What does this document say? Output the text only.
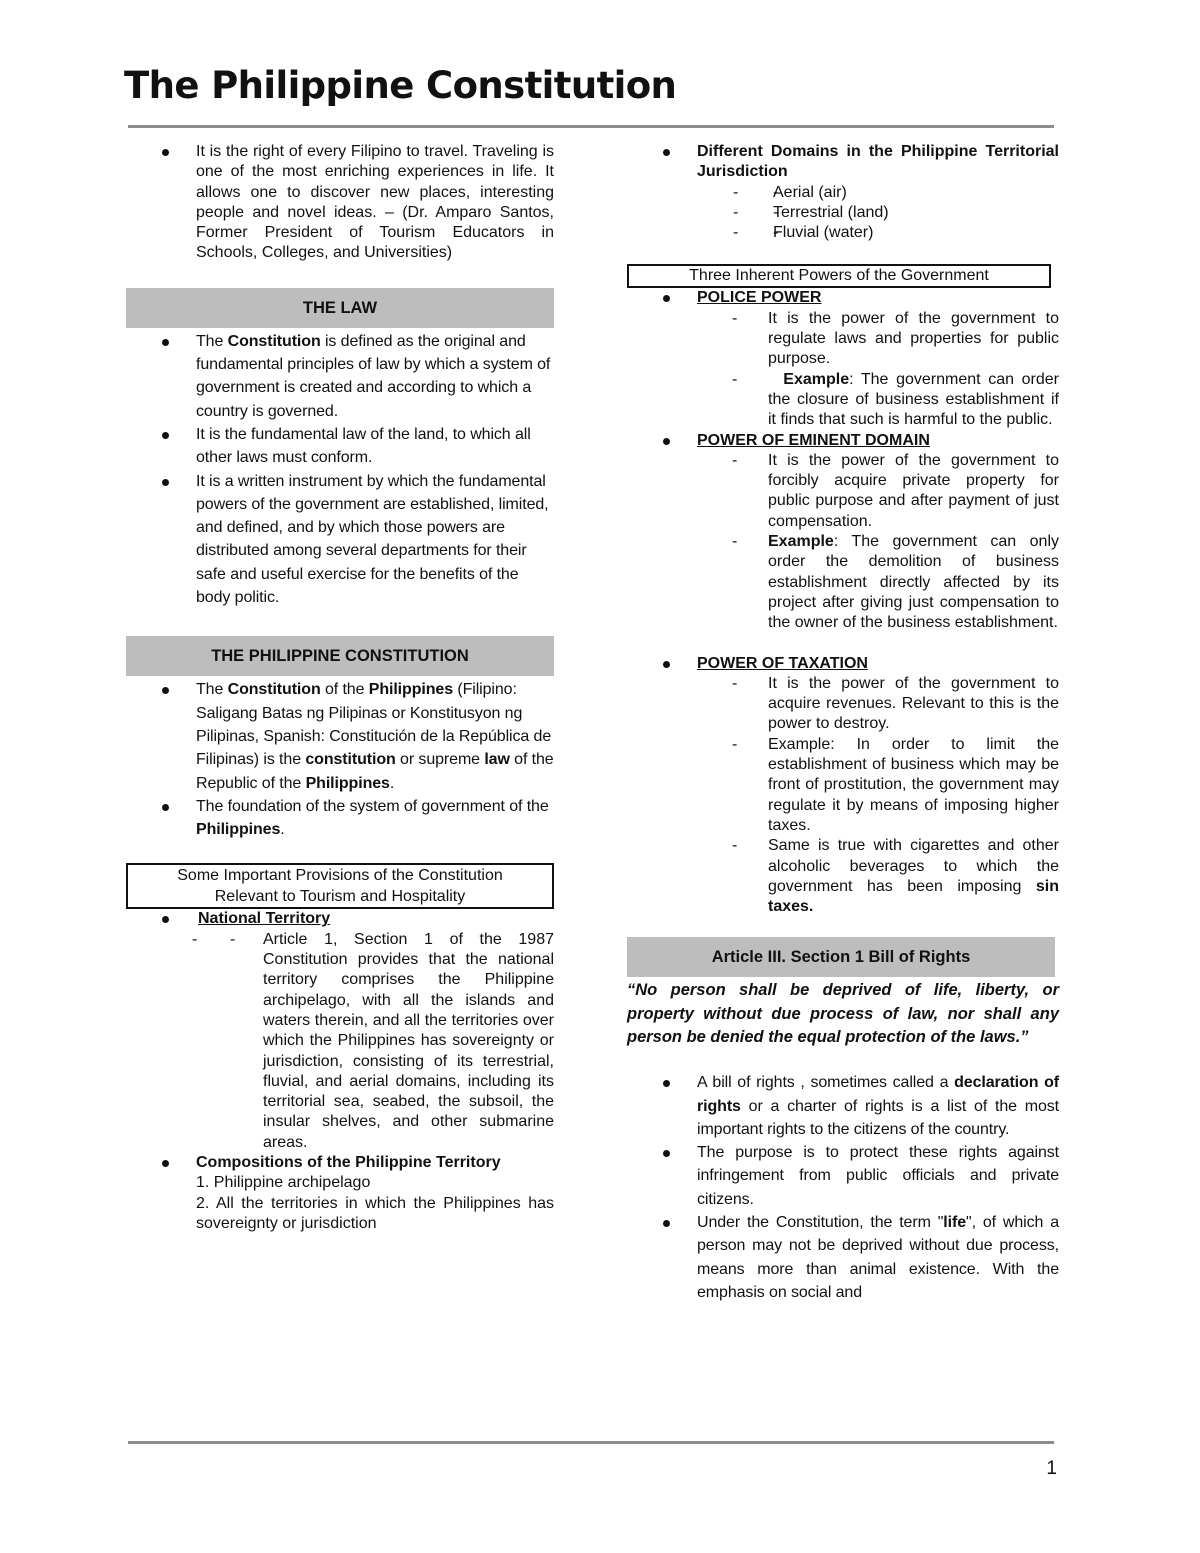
The Philippine Constitution
It is the right of every Filipino to travel. Traveling is one of the most enriching experiences in life. It allows one to discover new places, interesting people and novel ideas. – (Dr. Amparo Santos, Former President of Tourism Educators in Schools, Colleges, and Universities)
THE LAW
The Constitution is defined as the original and fundamental principles of law by which a system of government is created and according to which a country is governed.
It is the fundamental law of the land, to which all other laws must conform.
It is a written instrument by which the fundamental powers of the government are established, limited, and defined, and by which those powers are distributed among several departments for their safe and useful exercise for the benefits of the body politic.
THE PHILIPPINE CONSTITUTION
The Constitution of the Philippines (Filipino: Saligang Batas ng Pilipinas or Konstitusyon ng Pilipinas, Spanish: Constitución de la República de Filipinas) is the constitution or supreme law of the Republic of the Philippines.
The foundation of the system of government of the Philippines.
Some Important Provisions of the Constitution
Relevant to Tourism and Hospitality
National Territory
- - Article 1, Section 1 of the 1987 Constitution provides that the national territory comprises the Philippine archipelago, with all the islands and waters therein, and all the territories over which the Philippines has sovereignty or jurisdiction, consisting of its terrestrial, fluvial, and aerial domains, including its territorial sea, seabed, the subsoil, the insular shelves, and other submarine areas.
Compositions of the Philippine Territory
1. Philippine archipelago
2. All the territories in which the Philippines has sovereignty or jurisdiction
Different Domains in the Philippine Territorial Jurisdiction
- - Aerial (air)
- - Terrestrial (land)
- - Fluvial (water)
Three Inherent Powers of the Government
POLICE POWER
- It is the power of the government to regulate laws and properties for public purpose.
-	Example: The government can order the closure of business establishment if it finds that such is harmful to the public.
POWER OF EMINENT DOMAIN
- It is the power of the government to forcibly acquire private property for public purpose and after payment of just compensation.
- Example: The government can only order the demolition of business establishment directly affected by its project after giving just compensation to the owner of the business establishment.
POWER OF TAXATION
- It is the power of the government to acquire revenues. Relevant to this is the power to destroy.
- Example: In order to limit the establishment of business which may be front of prostitution, the government may regulate it by means of imposing higher taxes.
- Same is true with cigarettes and other alcoholic beverages to which the government has been imposing sin taxes.
Article III. Section 1 Bill of Rights
“No person shall be deprived of life, liberty, or property without due process of law, nor shall any person be denied the equal protection of the laws.”
A bill of rights , sometimes called a declaration of rights or a charter of rights is a list of the most important rights to the citizens of the country.
The purpose is to protect these rights against infringement from public officials and private citizens.
Under the Constitution, the term "life", of which a person may not be deprived without due process, means more than animal existence. With the emphasis on social and
1
